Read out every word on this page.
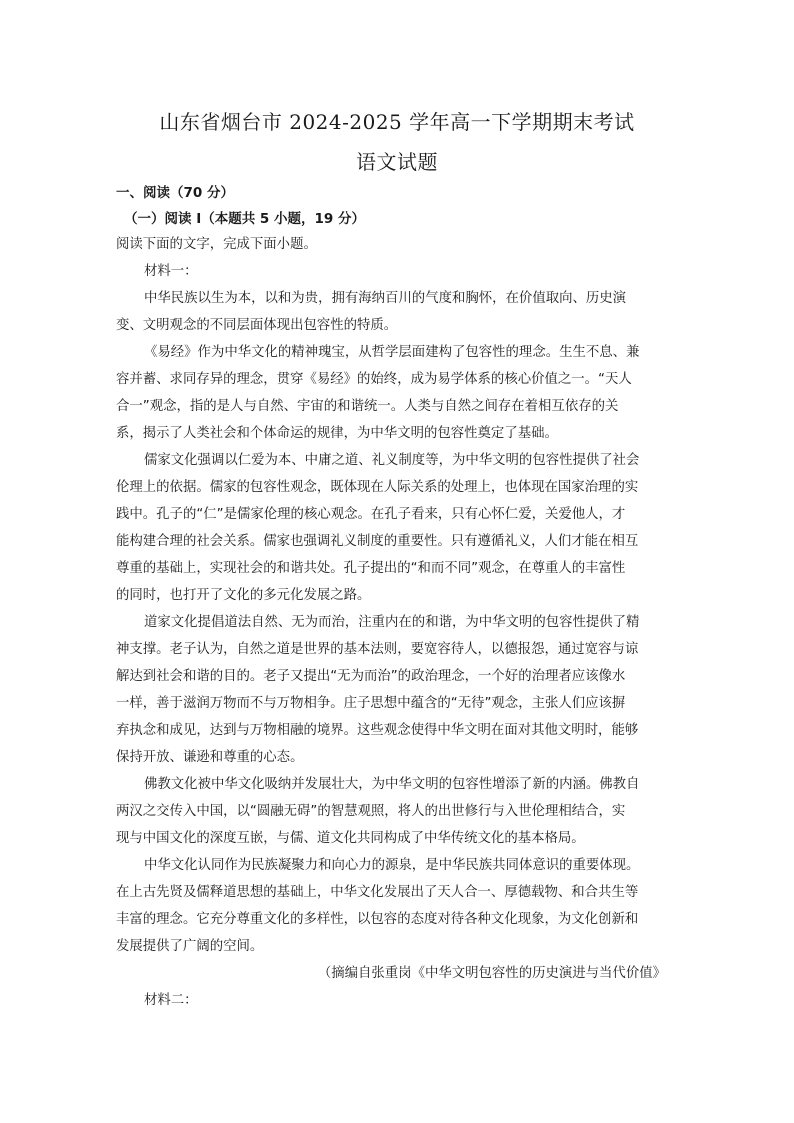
山东省烟台市 2024-2025 学年高一下学期期末考试
语文试题
一、阅读（70 分）
（一）阅读 I（本题共 5 小题，19 分）
阅读下面的文字，完成下面小题。
材料一：
中华民族以生为本，以和为贵，拥有海纳百川的气度和胸怀，在价值取向、历史演
变、文明观念的不同层面体现出包容性的特质。
《易经》作为中华文化的精神瑰宝，从哲学层面建构了包容性的理念。生生不息、兼
容并蓄、求同存异的理念，贯穿《易经》的始终，成为易学体系的核心价值之一。“天人
合一”观念，指的是人与自然、宇宙的和谐统一。人类与自然之间存在着相互依存的关
系，揭示了人类社会和个体命运的规律，为中华文明的包容性奠定了基础。
儒家文化强调以仁爱为本、中庸之道、礼义制度等，为中华文明的包容性提供了社会
伦理上的依据。儒家的包容性观念，既体现在人际关系的处理上，也体现在国家治理的实
践中。孔子的“仁”是儒家伦理的核心观念。在孔子看来，只有心怀仁爱，关爱他人，才
能构建合理的社会关系。儒家也强调礼义制度的重要性。只有遵循礼义，人们才能在相互
尊重的基础上，实现社会的和谐共处。孔子提出的“和而不同”观念，在尊重人的丰富性
的同时，也打开了文化的多元化发展之路。
道家文化提倡道法自然、无为而治，注重内在的和谐，为中华文明的包容性提供了精
神支撑。老子认为，自然之道是世界的基本法则，要宽容待人，以德报怨，通过宽容与谅
解达到社会和谐的目的。老子又提出“无为而治”的政治理念，一个好的治理者应该像水
一样，善于滋润万物而不与万物相争。庄子思想中蕴含的“无待”观念，主张人们应该摒
弃执念和成见，达到与万物相融的境界。这些观念使得中华文明在面对其他文明时，能够
保持开放、谦逊和尊重的心态。
佛教文化被中华文化吸纳并发展壮大，为中华文明的包容性增添了新的内涵。佛教自
两汉之交传入中国，以“圆融无碍”的智慧观照，将人的出世修行与入世伦理相结合，实
现与中国文化的深度互嵌，与儒、道文化共同构成了中华传统文化的基本格局。
中华文化认同作为民族凝聚力和向心力的源泉，是中华民族共同体意识的重要体现。
在上古先贤及儒释道思想的基础上，中华文化发展出了天人合一、厚德载物、和合共生等
丰富的理念。它充分尊重文化的多样性，以包容的态度对待各种文化现象，为文化创新和
发展提供了广阔的空间。
（摘编自张重岗《中华文明包容性的历史演进与当代价值》
材料二：
